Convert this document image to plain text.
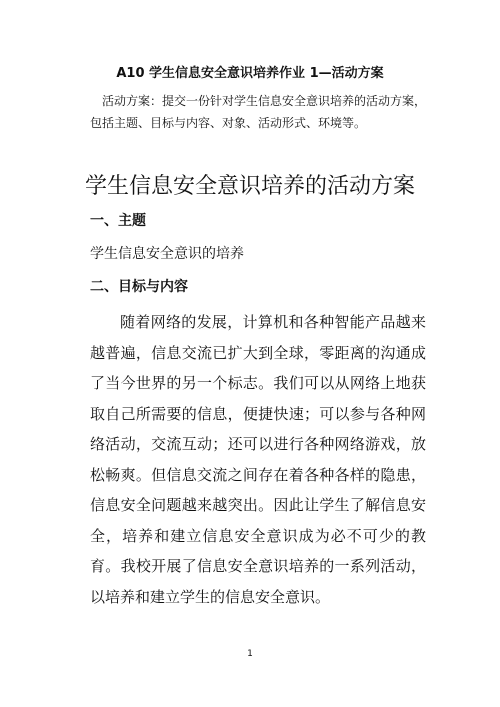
A10 学生信息安全意识培养作业 1—活动方案
活动方案：提交一份针对学生信息安全意识培养的活动方案，包括主题、目标与内容、对象、活动形式、环境等。
学生信息安全意识培养的活动方案
一、主题
学生信息安全意识的培养
二、目标与内容
随着网络的发展，计算机和各种智能产品越来越普遍，信息交流已扩大到全球，零距离的沟通成了当今世界的另一个标志。我们可以从网络上地获取自己所需要的信息，便捷快速；可以参与各种网络活动，交流互动；还可以进行各种网络游戏，放松畅爽。但信息交流之间存在着各种各样的隐患，信息安全问题越来越突出。因此让学生了解信息安全，培养和建立信息安全意识成为必不可少的教育。我校开展了信息安全意识培养的一系列活动，以培养和建立学生的信息安全意识。
1
